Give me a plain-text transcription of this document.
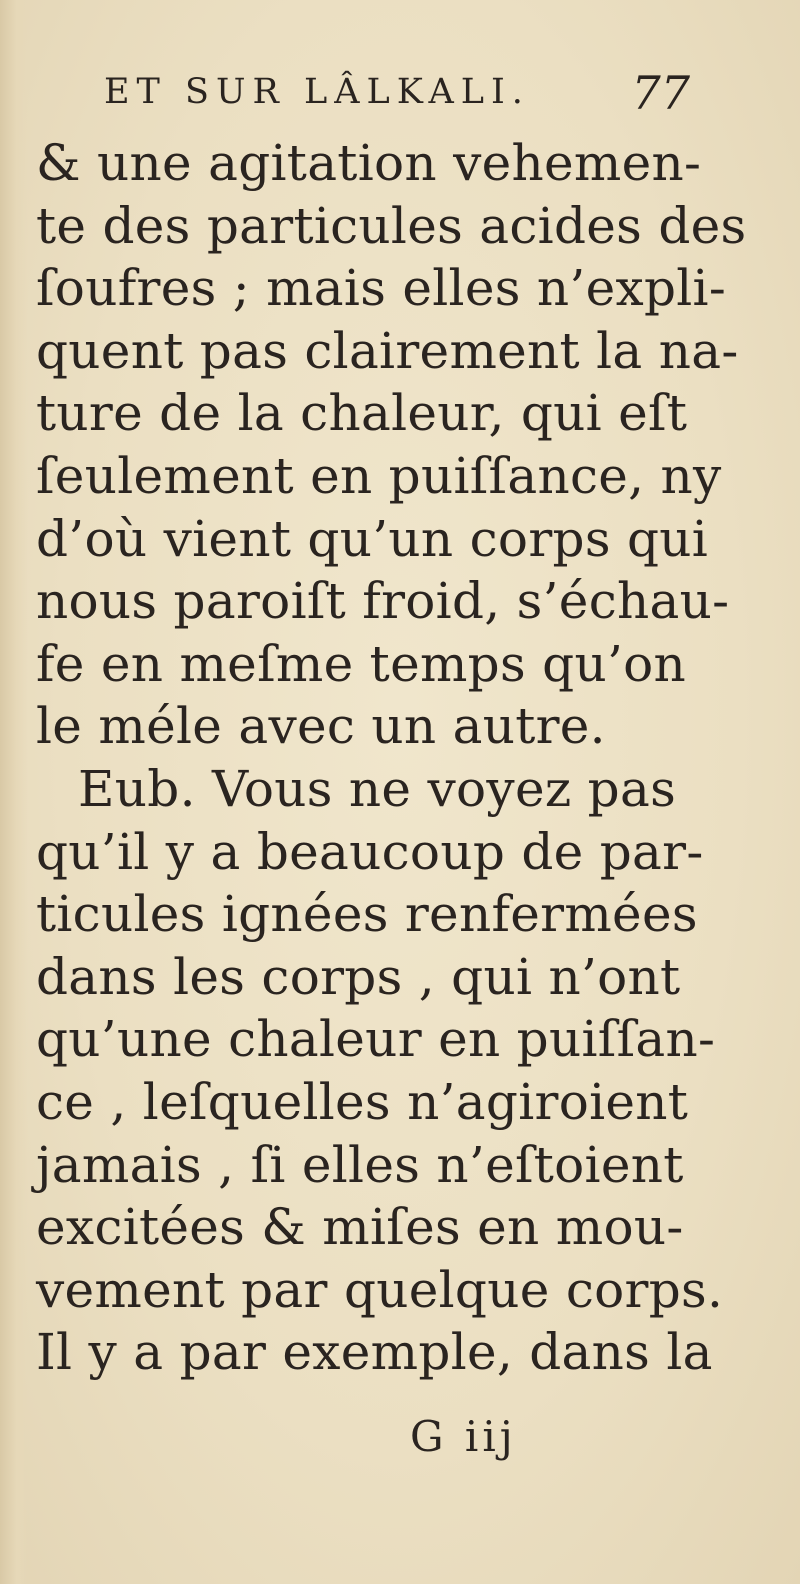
ET SUR LÂLKALI. 77
& une agitation vehemen-
te des particules acides des
ſoufres ; mais elles n’expli-
quent pas clairement la na-
ture de la chaleur, qui eſt
ſeulement en puiſſance, ny
d’où vient qu’un corps qui
nous paroiſt froid, s’échau-
fe en meſme temps qu’on
le méle avec un autre.
Eub. Vous ne voyez pas
qu’il y a beaucoup de par-
ticules ignées renfermées
dans les corps , qui n’ont
qu’une chaleur en puiſſan-
ce , leſquelles n’agiroient
jamais , ſi elles n’eſtoient
excitées & miſes en mou-
vement par quelque corps.
Il y a par exemple, dans la
G iij
